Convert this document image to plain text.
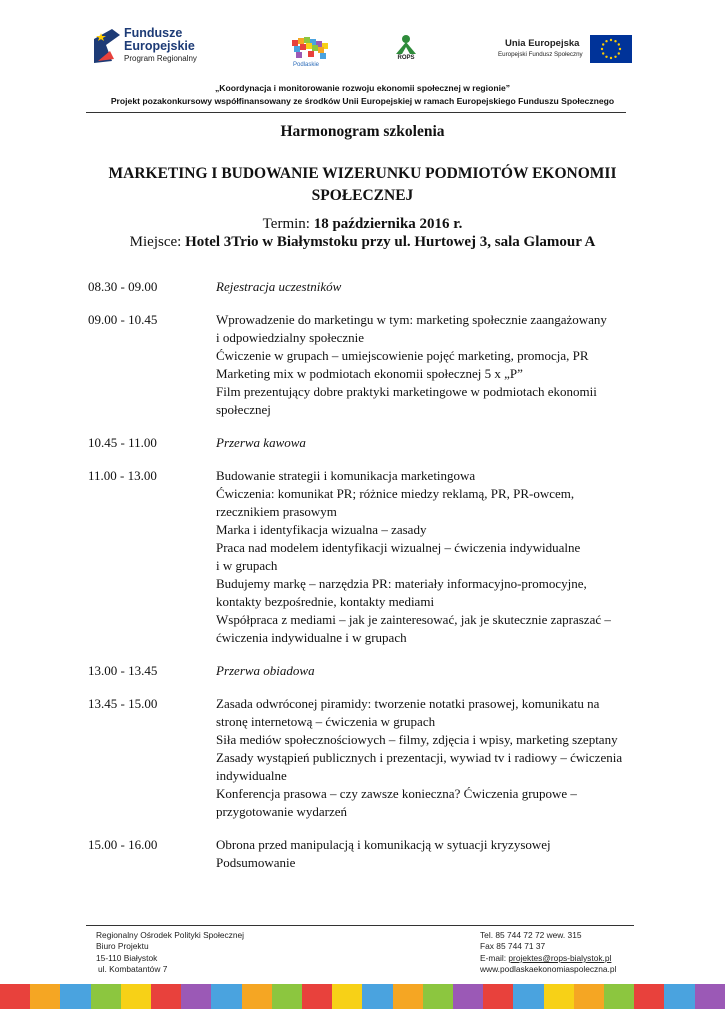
Fundusze
Europejskie
Program Regionalny
Podlaskie
ROPS
Unia Europejska
Europejski Fundusz Społeczny
„Koordynacja i monitorowanie rozwoju ekonomii społecznej w regionie”
Projekt pozakonkursowy współfinansowany ze środków Unii Europejskiej w ramach Europejskiego Funduszu Społecznego
Harmonogram szkolenia
MARKETING I BUDOWANIE WIZERUNKU PODMIOTÓW EKONOMII SPOŁECZNEJ
Termin: 18 października 2016 r.
Miejsce: Hotel 3Trio w Białymstoku przy ul. Hurtowej 3, sala Glamour A
08.30 - 09.00	Rejestracja uczestników
09.00 - 10.45	Wprowadzenie do marketingu w tym: marketing społecznie zaangażowany
i odpowiedzialny społecznie
Ćwiczenie w grupach – umiejscowienie pojęć marketing, promocja, PR
Marketing mix w podmiotach ekonomii społecznej 5 x „P”
Film prezentujący dobre praktyki marketingowe w podmiotach ekonomii
społecznej
10.45 - 11.00	Przerwa kawowa
11.00 - 13.00	Budowanie strategii i komunikacja marketingowa
Ćwiczenia: komunikat PR; różnice miedzy reklamą, PR, PR-owcem,
rzecznikiem prasowym
Marka i identyfikacja wizualna – zasady
Praca nad modelem identyfikacji wizualnej – ćwiczenia indywidualne
i w grupach
Budujemy markę – narzędzia PR: materiały informacyjno-promocyjne,
kontakty bezpośrednie, kontakty mediami
Współpraca z mediami – jak je zainteresować, jak je skutecznie zapraszać –
ćwiczenia indywidualne i w grupach
13.00 - 13.45	Przerwa obiadowa
13.45 - 15.00	Zasada odwróconej piramidy: tworzenie notatki prasowej, komunikatu na
stronę internetową – ćwiczenia w grupach
Siła mediów społecznościowych – filmy, zdjęcia i wpisy, marketing szeptany
Zasady wystąpień publicznych i prezentacji, wywiad tv i radiowy – ćwiczenia
indywidualne
Konferencja prasowa – czy zawsze konieczna? Ćwiczenia grupowe –
przygotowanie wydarzeń
15.00 - 16.00	Obrona przed manipulacją i komunikacją w sytuacji kryzysowej
Podsumowanie
Regionalny Ośrodek Polityki Społecznej
Biuro Projektu
15-110 Białystok
ul. Kombatantów 7
Tel. 85 744 72 72 wew. 315
Fax 85 744 71 37
E-mail: projektes@rops-bialystok.pl
www.podlaskaekonomiaspoleczna.pl
